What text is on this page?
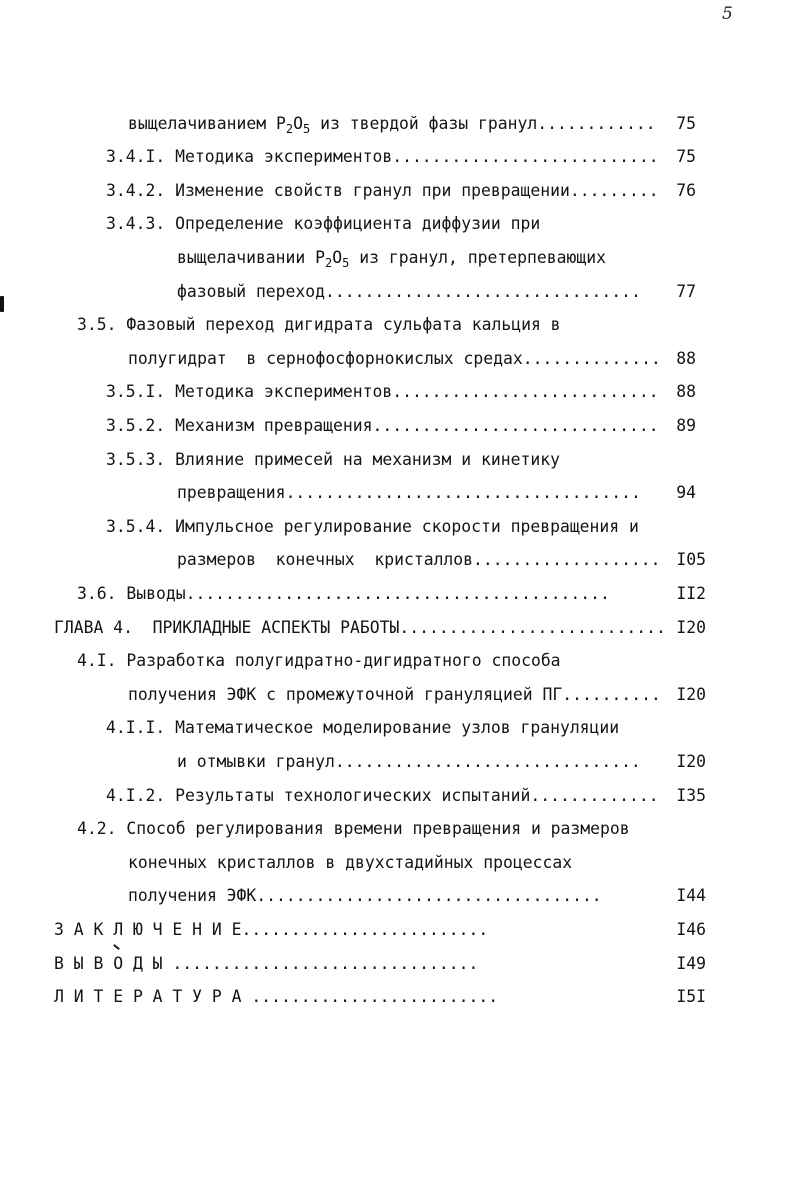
5
выщелачиванием $P_2O_5$ из твердой фазы гранул............ 75
3.4.I. Методика экспериментов........................... 75
3.4.2. Изменение свойств гранул при превращении......... 76
3.4.3. Определение коэффициента диффузии при
выщелачивании $P_2O_5$ из гранул, претерпевающих
фазовый переход................................ 77
3.5. Фазовый переход дигидрата сульфата кальция в
полугидрат  в сернофосфорнокислых средах.............. 88
3.5.I. Методика экспериментов........................... 88
3.5.2. Механизм превращения............................. 89
3.5.3. Влияние примесей на механизм и кинетику
превращения.................................... 94
3.5.4. Импульсное регулирование скорости превращения и
размеров  конечных  кристаллов................... I05
3.6. Выводы...........................................	II2
ГЛАВА 4.  ПРИКЛАДНЫЕ АСПЕКТЫ РАБОТЫ........................... I20
4.I. Разработка полугидратно-дигидратного способа
получения ЭФК с промежуточной грануляцией ПГ.......... I20
4.I.I. Математическое моделирование узлов грануляции
и отмывки гранул............................... I20
4.I.2. Результаты технологических испытаний............. I35
4.2. Способ регулирования времени превращения и размеров
конечных кристаллов в двухстадийных процессах
получения ЭФК...................................	I44
З А К Л Ю Ч Е Н И Е.........................	I46
В Ы В О Д Ы ...............................	I49
Л И Т Е Р А Т У Р А .........................	I5I
